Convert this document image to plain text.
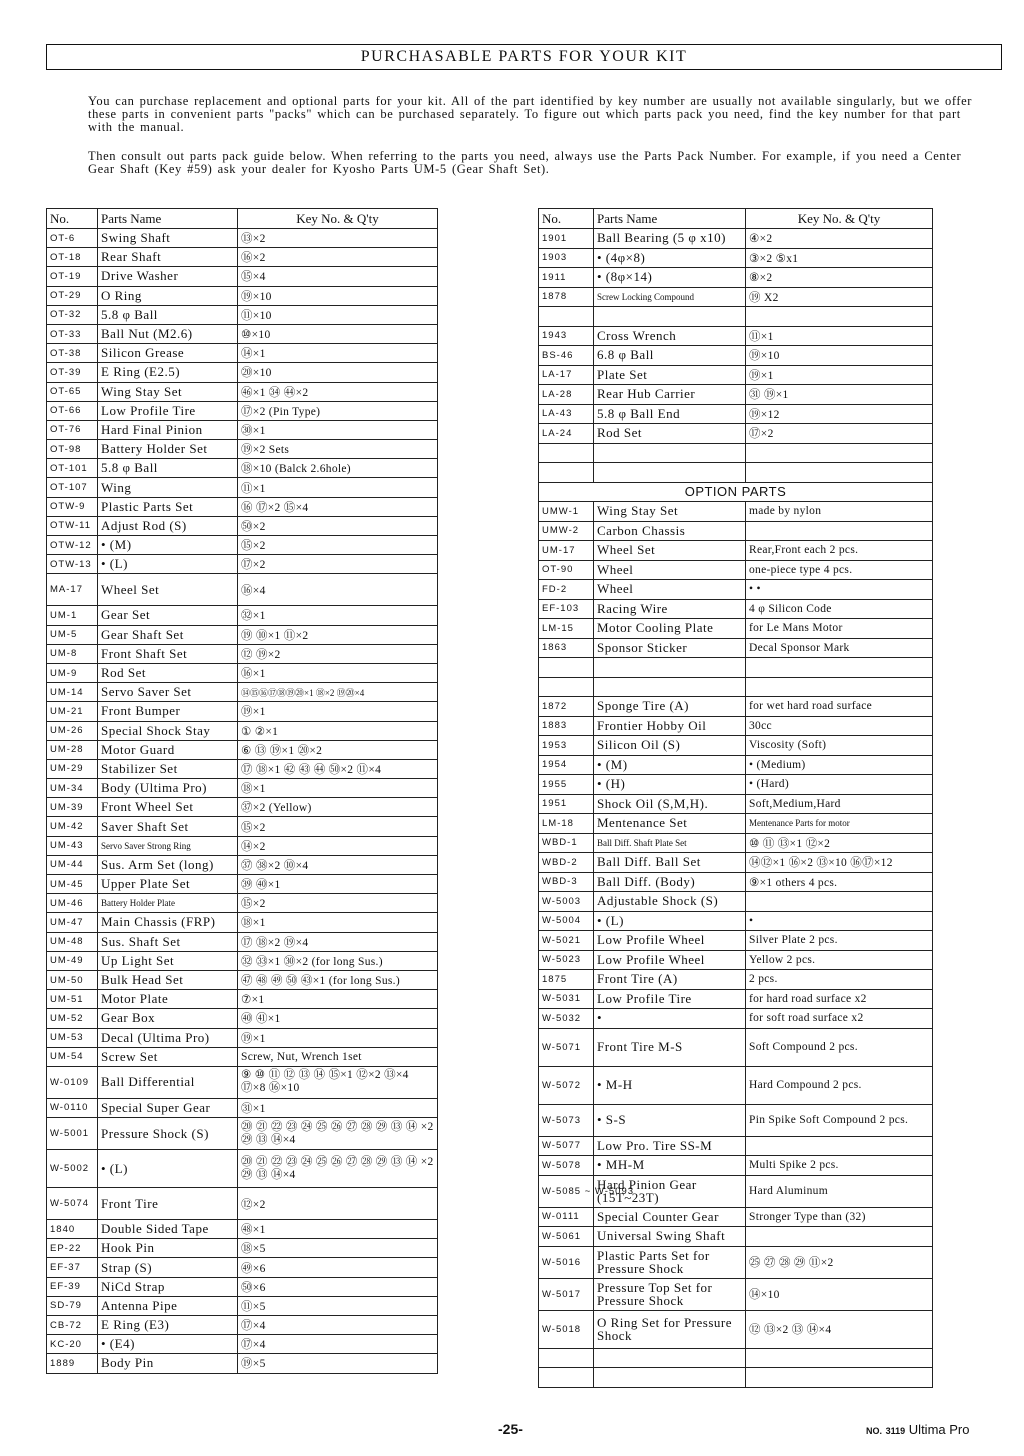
PURCHASABLE PARTS FOR YOUR KIT

You can purchase replacement and optional parts for your kit. All of the part identified by key number are usually not available singularly, but we offer these parts in convenient parts "packs" which can be purchased separately. To figure out which parts pack you need, find the key number for that part with the manual.

Then consult out parts pack guide below. When referring to the parts you need, always use the Parts Pack Number. For example, if you need a Center Gear Shaft (Key #59) ask your dealer for Kyosho Parts UM-5 (Gear Shaft Set).

No.	Parts Name	Key No. & Q'ty
OT-6	Swing Shaft	⑬×2
OT-18	Rear Shaft	⑯×2
OT-19	Drive Washer	⑮×4
OT-29	O Ring	⑲×10
OT-32	5.8 φ Ball	⑪×10
OT-33	Ball Nut (M2.6)	⑩×10
OT-38	Silicon Grease	⑭×1
OT-39	E Ring (E2.5)	⑳×10
OT-65	Wing Stay Set	㊻×1 ㉞ ㊹×2
OT-66	Low Profile Tire	⑰×2 (Pin Type)
OT-76	Hard Final Pinion	㉚×1
OT-98	Battery Holder Set	⑲×2 Sets
OT-101	5.8 φ Ball	⑱×10 (Balck 2.6hole)
OT-107	Wing	⑪×1
OTW-9	Plastic Parts Set	⑯ ⑰×2 ⑮×4
OTW-11	Adjust Rod (S)	㊿×2
OTW-12	• (M)	⑮×2
OTW-13	• (L)	⑰×2
MA-17	Wheel Set	⑯×4
UM-1	Gear Set	㉜×1
UM-5	Gear Shaft Set	⑲ ⑩×1 ⑪×2
UM-8	Front Shaft Set	⑫ ⑲×2
UM-9	Rod Set	⑯×1
UM-14	Servo Saver Set	⑭⑮⑯⑰⑱⑲⑳×1 ⑱×2 ⑲⑳×4
UM-21	Front Bumper	⑲×1
UM-26	Special Shock Stay	① ②×1
UM-28	Motor Guard	⑥ ⑬ ⑲×1 ⑳×2
UM-29	Stabilizer Set	⑰ ⑱×1 ㊷ ㊸ ㊹ ㊿×2 ⑪×4
UM-34	Body (Ultima Pro)	⑱×1
UM-39	Front Wheel Set	㊲×2 (Yellow)
UM-42	Saver Shaft Set	⑮×2
UM-43	Servo Saver Strong Ring	⑭×2
UM-44	Sus. Arm Set (long)	㊲ ㊳×2 ⑩×4
UM-45	Upper Plate Set	㊴ ㊵×1
UM-46	Battery Holder Plate	⑮×2
UM-47	Main Chassis (FRP)	⑱×1
UM-48	Sus. Shaft Set	⑰ ⑱×2 ⑲×4
UM-49	Up Light Set	㉜ ㉝×1 ㉚×2 (for long Sus.)
UM-50	Bulk Head Set	㊼ ㊽ ㊾ ㊿ ㊸×1 (for long Sus.)
UM-51	Motor Plate	⑦×1
UM-52	Gear Box	㊵ ㊶×1
UM-53	Decal (Ultima Pro)	⑲×1
UM-54	Screw Set	Screw, Nut, Wrench 1set
W-0109	Ball Differential	⑨ ⑩ ⑪ ⑫ ⑬ ⑭ ⑮×1 ⑫×2 ⑬×4 ⑰×8 ⑯×10
W-0110	Special Super Gear	㉛×1
W-5001	Pressure Shock (S)	⑳ ㉑ ㉒ ㉓ ㉔ ㉕ ㉖ ㉗ ㉘ ㉙ ⑬ ⑭ ×2 ㉙ ⑬ ⑭×4
W-5002	• (L)	⑳ ㉑ ㉒ ㉓ ㉔ ㉕ ㉖ ㉗ ㉘ ㉙ ⑬ ⑭ ×2 ㉙ ⑬ ⑭×4
W-5074	Front Tire	⑫×2
1840	Double Sided Tape	㊽×1
EP-22	Hook Pin	⑱×5
EF-37	Strap (S)	㊾×6
EF-39	NiCd Strap	㊿×6
SD-79	Antenna Pipe	⑪×5
CB-72	E Ring (E3)	⑰×4
KC-20	• (E4)	⑰×4
1889	Body Pin	⑲×5
No.	Parts Name	Key No. & Q'ty
1901	Ball Bearing (5 φ x10)	④×2
1903	• (4φ×8)	③×2 ⑤x1
1911	• (8φ×14)	⑧×2
1878	Screw Locking Compound	⑲ X2

1943	Cross Wrench	⑪×1
BS-46	6.8 φ Ball	⑲×10
LA-17	Plate Set	⑲×1
LA-28	Rear Hub Carrier	㉛ ⑲×1
LA-43	5.8 φ Ball End	⑲×12
LA-24	Rod Set	⑰×2

OPTION PARTS		
UMW-1	Wing Stay Set	made by nylon
UMW-2	Carbon Chassis	
UM-17	Wheel Set	Rear,Front each 2 pcs.
OT-90	Wheel	one-piece type 4 pcs.
FD-2	Wheel	• •
EF-103	Racing Wire	4 φ Silicon Code
LM-15	Motor Cooling Plate	for Le Mans Motor
1863	Sponsor Sticker	Decal Sponsor Mark

1872	Sponge Tire (A)	for wet hard road surface
1883	Frontier Hobby Oil	30cc
1953	Silicon Oil (S)	Viscosity (Soft)
1954	• (M)	• (Medium)
1955	• (H)	• (Hard)
1951	Shock Oil (S,M,H).	Soft,Medium,Hard
LM-18	Mentenance Set	Mentenance Parts for motor
WBD-1	Ball Diff. Shaft Plate Set	⑩ ⑪ ⑬×1 ⑫×2
WBD-2	Ball Diff. Ball Set	⑭⑫×1 ⑯×2 ⑬×10 ⑯⑰×12
WBD-3	Ball Diff. (Body)	⑨×1 others 4 pcs.
W-5003	Adjustable Shock (S)	
W-5004	• (L)	•
W-5021	Low Profile Wheel	Silver Plate 2 pcs.
W-5023	Low Profile Wheel	Yellow 2 pcs.
1875	Front Tire (A)	2 pcs.
W-5031	Low Profile Tire	for hard road surface x2
W-5032	•	for soft road surface x2
W-5071	Front Tire M-S	Soft Compound 2 pcs.
W-5072	• M-H	Hard Compound 2 pcs.
W-5073	• S-S	Pin Spike Soft Compound 2 pcs.
W-5077	Low Pro. Tire SS-M	
W-5078	• MH-M	Multi Spike 2 pcs.
W-5085 ~ W-5093	Hard Pinion Gear (15T~23T)	Hard Aluminum
W-0111	Special Counter Gear	Stronger Type than (32)
W-5061	Universal Swing Shaft	
W-5016	Plastic Parts Set for Pressure Shock	㉕ ㉗ ㉘ ㉙ ⑪×2
W-5017	Pressure Top Set for Pressure Shock	⑭×10
W-5018	O Ring Set for Pressure Shock	⑫ ⑬×2 ⑬ ⑭×4

-25-	NO. 3119 Ultima Pro
